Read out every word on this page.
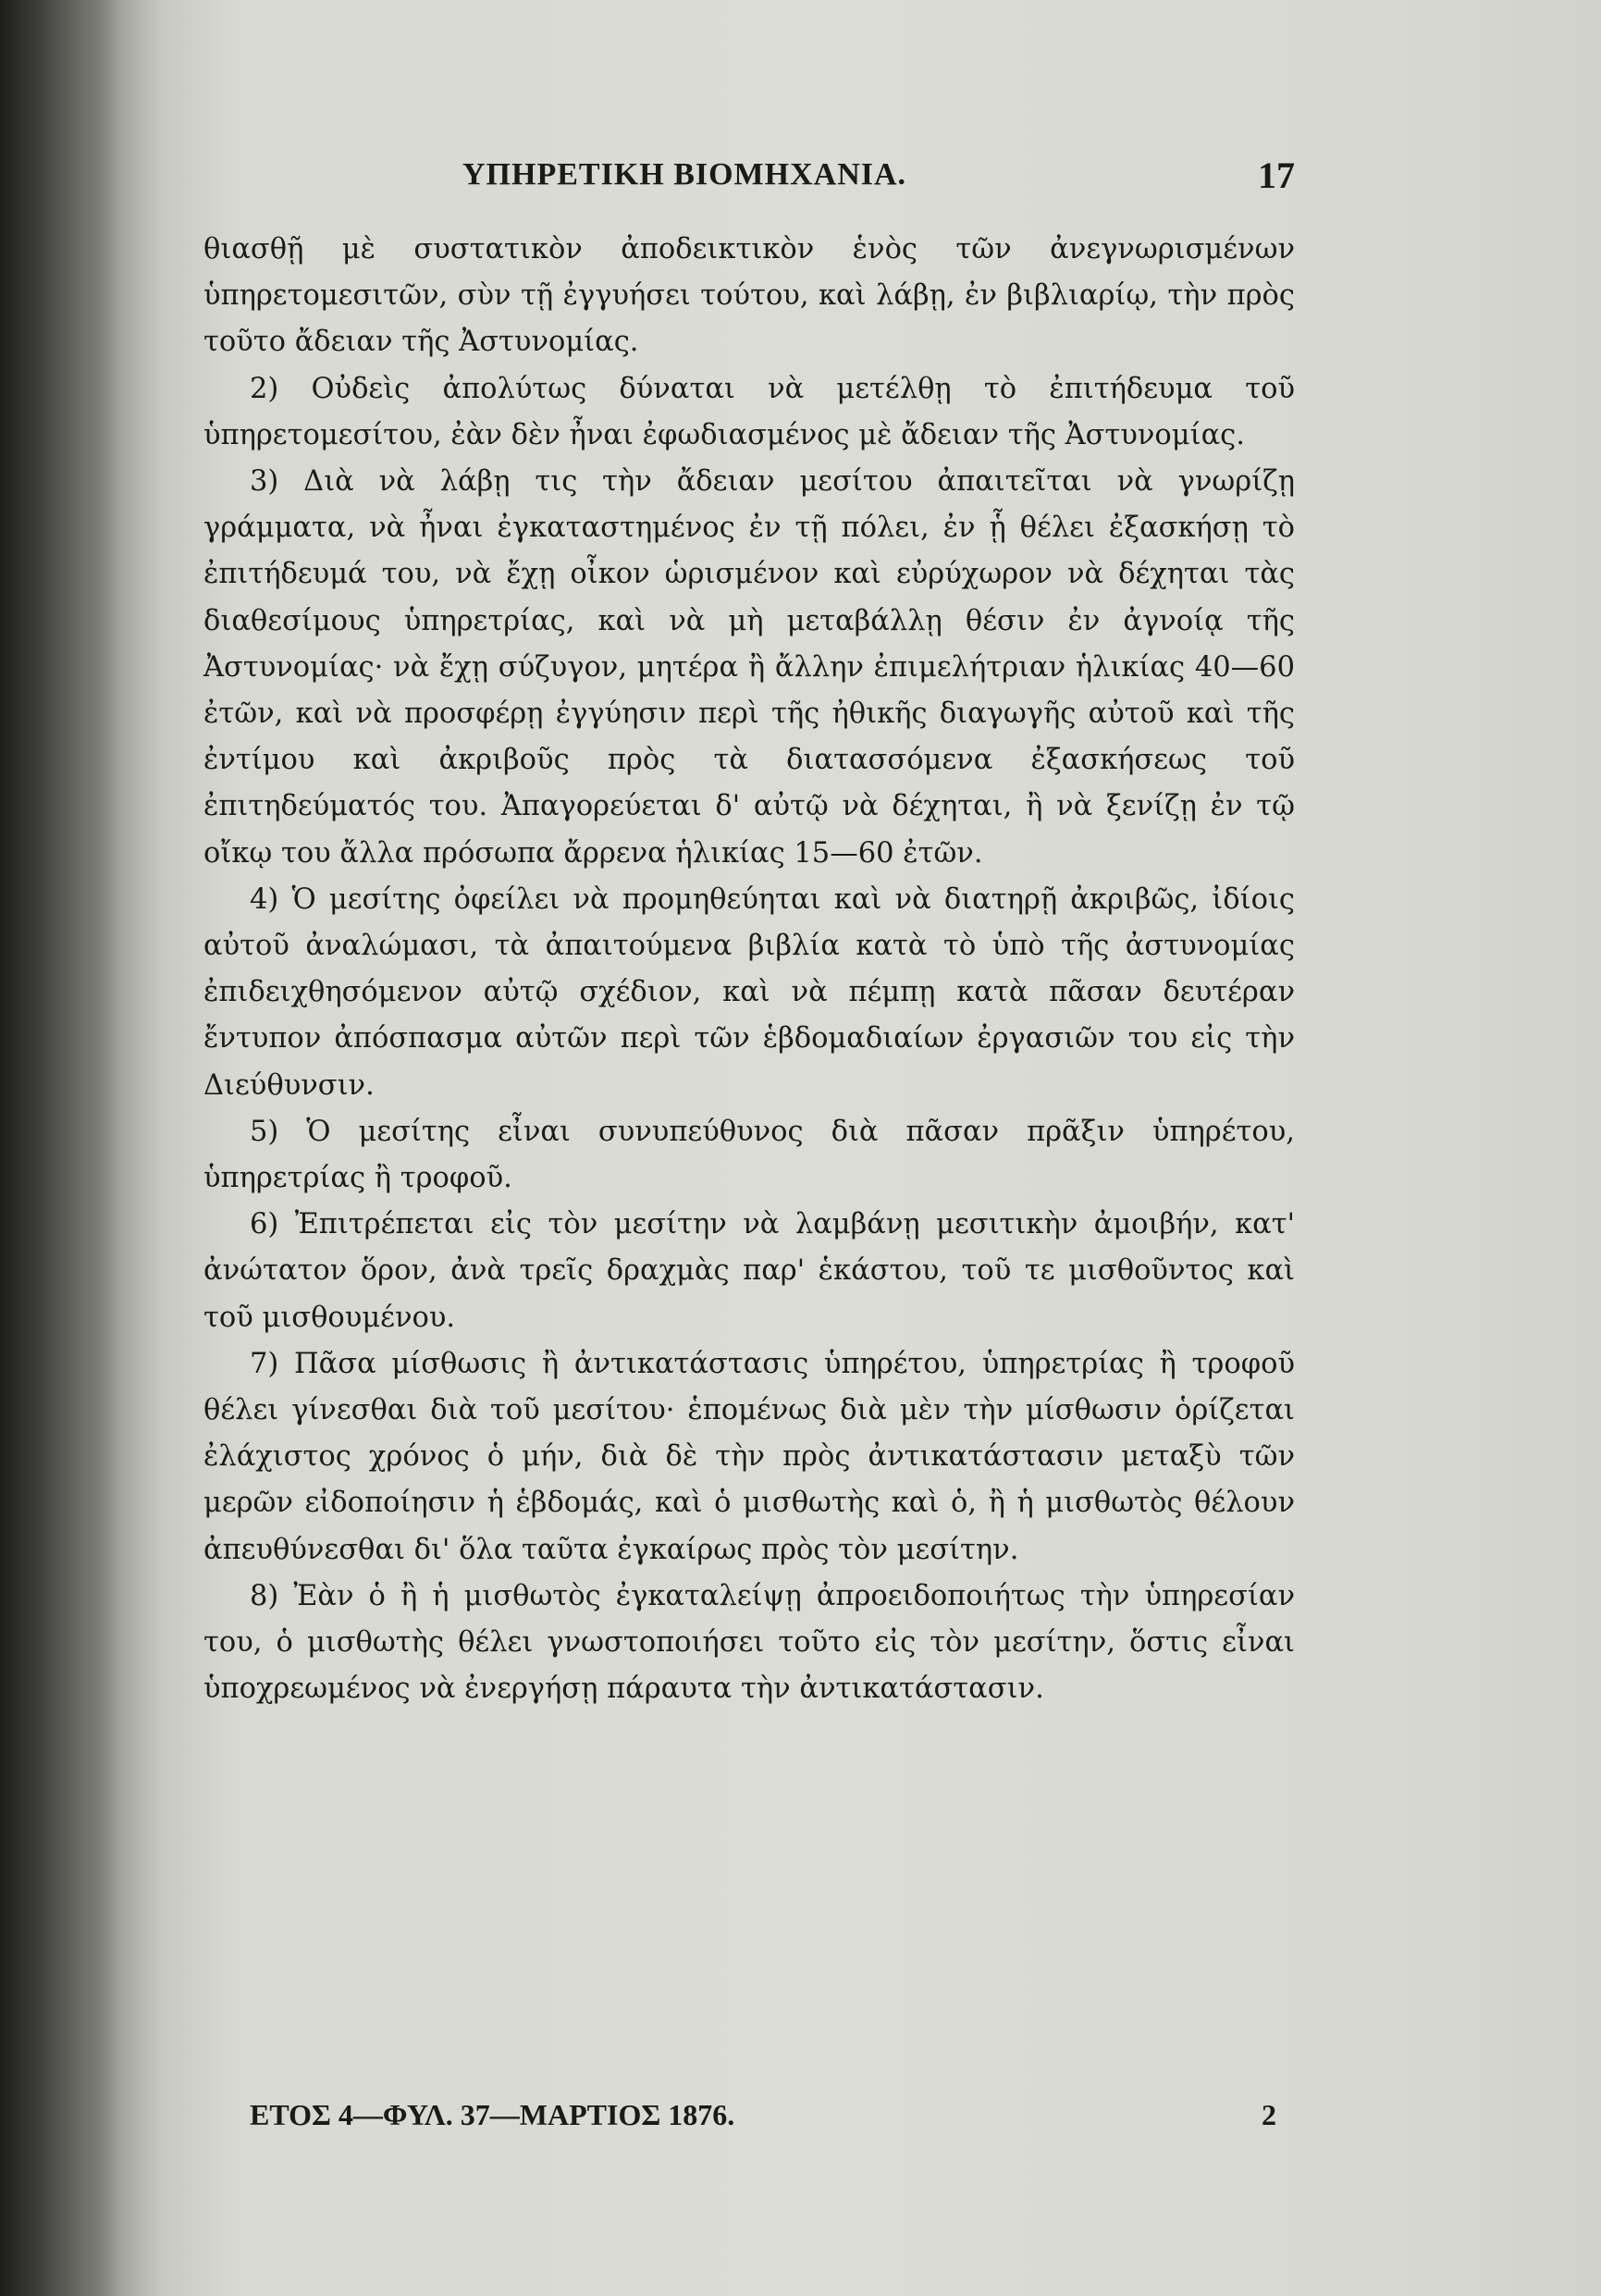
ΥΠΗΡΕΤΙΚΗ ΒΙΟΜΗΧΑΝΙΑ.	17

θιασθῇ μὲ συστατικὸν ἀποδεικτικὸν ἑνὸς τῶν ἀνεγνωρισμένων ὑπηρετομεσιτῶν, σὺν τῇ ἐγγυήσει τούτου, καὶ λάβῃ, ἐν βιβλιαρίῳ, τὴν πρὸς τοῦτο ἄδειαν τῆς Ἀστυνομίας.

2) Οὐδεὶς ἀπολύτως δύναται νὰ μετέλθῃ τὸ ἐπιτήδευμα τοῦ ὑπηρετομεσίτου, ἐὰν δὲν ἦναι ἐφωδιασμένος μὲ ἄδειαν τῆς Ἀστυνομίας.

3) Διὰ νὰ λάβῃ τις τὴν ἄδειαν μεσίτου ἀπαιτεῖται νὰ γνωρίζῃ γράμματα, νὰ ἦναι ἐγκαταστημένος ἐν τῇ πόλει, ἐν ᾗ θέλει ἐξασκήσῃ τὸ ἐπιτήδευμά του, νὰ ἔχῃ οἶκον ὡρισμένον καὶ εὐρύχωρον νὰ δέχηται τὰς διαθεσίμους ὑπηρετρίας, καὶ νὰ μὴ μεταβάλλῃ θέσιν ἐν ἀγνοίᾳ τῆς Ἀστυνομίας· νὰ ἔχῃ σύζυγον, μητέρα ἢ ἄλλην ἐπιμελήτριαν ἡλικίας 40—60 ἐτῶν, καὶ νὰ προσφέρῃ ἐγγύησιν περὶ τῆς ἠθικῆς διαγωγῆς αὐτοῦ καὶ τῆς ἐντίμου καὶ ἀκριβοῦς πρὸς τὰ διατασσόμενα ἐξασκήσεως τοῦ ἐπιτηδεύματός του. Ἀπαγορεύεται δ' αὐτῷ νὰ δέχηται, ἢ νὰ ξενίζῃ ἐν τῷ οἴκῳ του ἄλλα πρόσωπα ἄρρενα ἡλικίας 15—60 ἐτῶν.

4) Ὁ μεσίτης ὀφείλει νὰ προμηθεύηται καὶ νὰ διατηρῇ ἀκριβῶς, ἰδίοις αὐτοῦ ἀναλώμασι, τὰ ἀπαιτούμενα βιβλία κατὰ τὸ ὑπὸ τῆς ἀστυνομίας ἐπιδειχθησόμενον αὐτῷ σχέδιον, καὶ νὰ πέμπῃ κατὰ πᾶσαν δευτέραν ἔντυπον ἀπόσπασμα αὐτῶν περὶ τῶν ἑβδομαδιαίων ἐργασιῶν του εἰς τὴν Διεύθυνσιν.

5) Ὁ μεσίτης εἶναι συνυπεύθυνος διὰ πᾶσαν πρᾶξιν ὑπηρέτου, ὑπηρετρίας ἢ τροφοῦ.

6) Ἐπιτρέπεται εἰς τὸν μεσίτην νὰ λαμβάνῃ μεσιτικὴν ἀμοιβήν, κατ' ἀνώτατον ὅρον, ἀνὰ τρεῖς δραχμὰς παρ' ἑκάστου, τοῦ τε μισθοῦντος καὶ τοῦ μισθουμένου.

7) Πᾶσα μίσθωσις ἢ ἀντικατάστασις ὑπηρέτου, ὑπηρετρίας ἢ τροφοῦ θέλει γίνεσθαι διὰ τοῦ μεσίτου· ἑπομένως διὰ μὲν τὴν μίσθωσιν ὁρίζεται ἐλάχιστος χρόνος ὁ μήν, διὰ δὲ τὴν πρὸς ἀντικατάστασιν μεταξὺ τῶν μερῶν εἰδοποίησιν ἡ ἑβδομάς, καὶ ὁ μισθωτὴς καὶ ὁ, ἢ ἡ μισθωτὸς θέλουν ἀπευθύνεσθαι δι' ὅλα ταῦτα ἐγκαίρως πρὸς τὸν μεσίτην.

8) Ἐὰν ὁ ἢ ἡ μισθωτὸς ἐγκαταλείψῃ ἀπροειδοποιήτως τὴν ὑπηρεσίαν του, ὁ μισθωτὴς θέλει γνωστοποιήσει τοῦτο εἰς τὸν μεσίτην, ὅστις εἶναι ὑποχρεωμένος νὰ ἐνεργήσῃ πάραυτα τὴν ἀντικατάστασιν.

ΕΤΟΣ 4—ΦΥΛ. 37—ΜΑΡΤΙΟΣ 1876.	2
